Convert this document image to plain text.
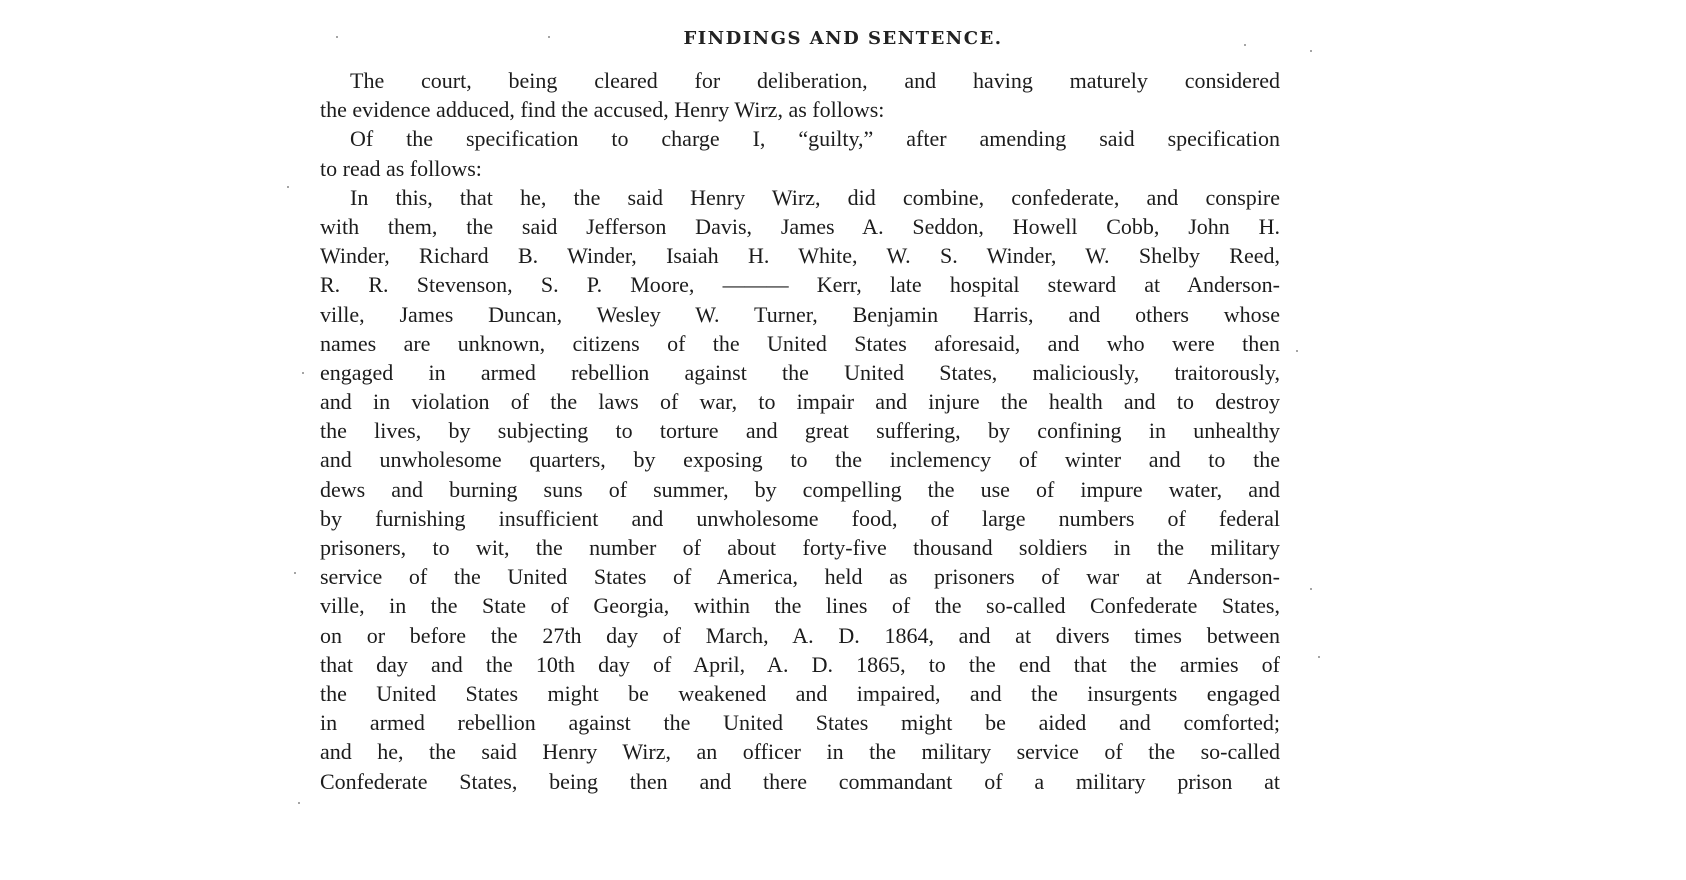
FINDINGS AND SENTENCE.
The court, being cleared for deliberation, and having maturely considered
the evidence adduced, find the accused, Henry Wirz, as follows:
Of the specification to charge I, “guilty,” after amending said specification
to read as follows:
In this, that he, the said Henry Wirz, did combine, confederate, and conspire
with them, the said Jefferson Davis, James A. Seddon, Howell Cobb, John H.
Winder, Richard B. Winder, Isaiah H. White, W. S. Winder, W. Shelby Reed,
R. R. Stevenson, S. P. Moore, ——— Kerr, late hospital steward at Anderson-
ville, James Duncan, Wesley W. Turner, Benjamin Harris, and others whose
names are unknown, citizens of the United States aforesaid, and who were then
engaged in armed rebellion against the United States, maliciously, traitorously,
and in violation of the laws of war, to impair and injure the health and to destroy
the lives, by subjecting to torture and great suffering, by confining in unhealthy
and unwholesome quarters, by exposing to the inclemency of winter and to the
dews and burning suns of summer, by compelling the use of impure water, and
by furnishing insufficient and unwholesome food, of large numbers of federal
prisoners, to wit, the number of about forty-five thousand soldiers in the military
service of the United States of America, held as prisoners of war at Anderson-
ville, in the State of Georgia, within the lines of the so-called Confederate States,
on or before the 27th day of March, A. D. 1864, and at divers times between
that day and the 10th day of April, A. D. 1865, to the end that the armies of
the United States might be weakened and impaired, and the insurgents engaged
in armed rebellion against the United States might be aided and comforted;
and he, the said Henry Wirz, an officer in the military service of the so-called
Confederate States, being then and there commandant of a military prison at
